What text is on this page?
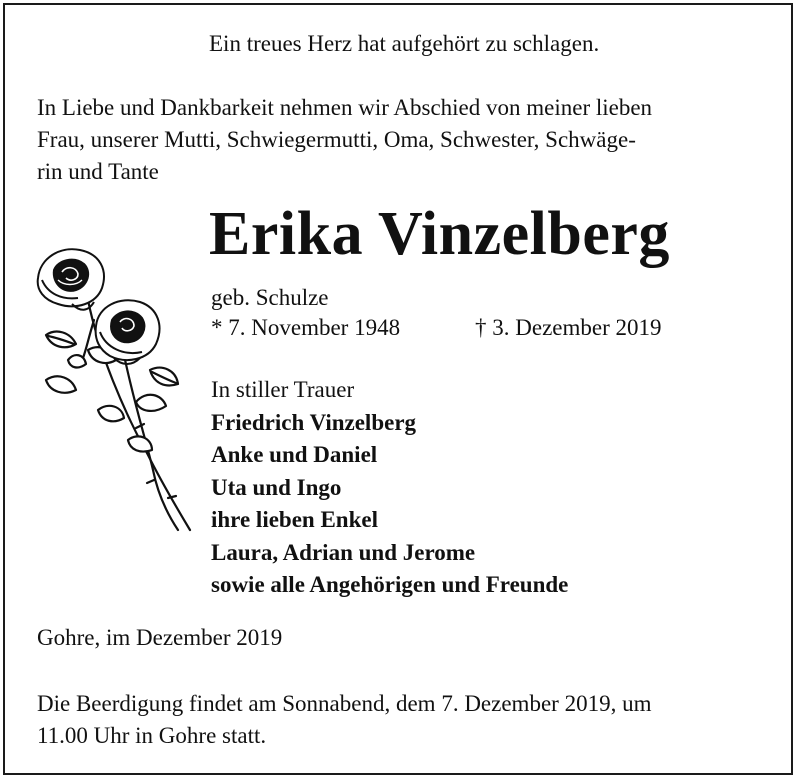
Ein treues Herz hat aufgehört zu schlagen.
In Liebe und Dankbarkeit nehmen wir Abschied von meiner lieben
Frau, unserer Mutti, Schwiegermutti, Oma, Schwester, Schwäge-
rin und Tante
Erika Vinzelberg
geb. Schulze
* 7. November 1948	† 3. Dezember 2019
In stiller Trauer
Friedrich Vinzelberg
Anke und Daniel
Uta und Ingo
ihre lieben Enkel
Laura, Adrian und Jerome
sowie alle Angehörigen und Freunde
Gohre, im Dezember 2019
Die Beerdigung findet am Sonnabend, dem 7. Dezember 2019, um
11.00 Uhr in Gohre statt.
